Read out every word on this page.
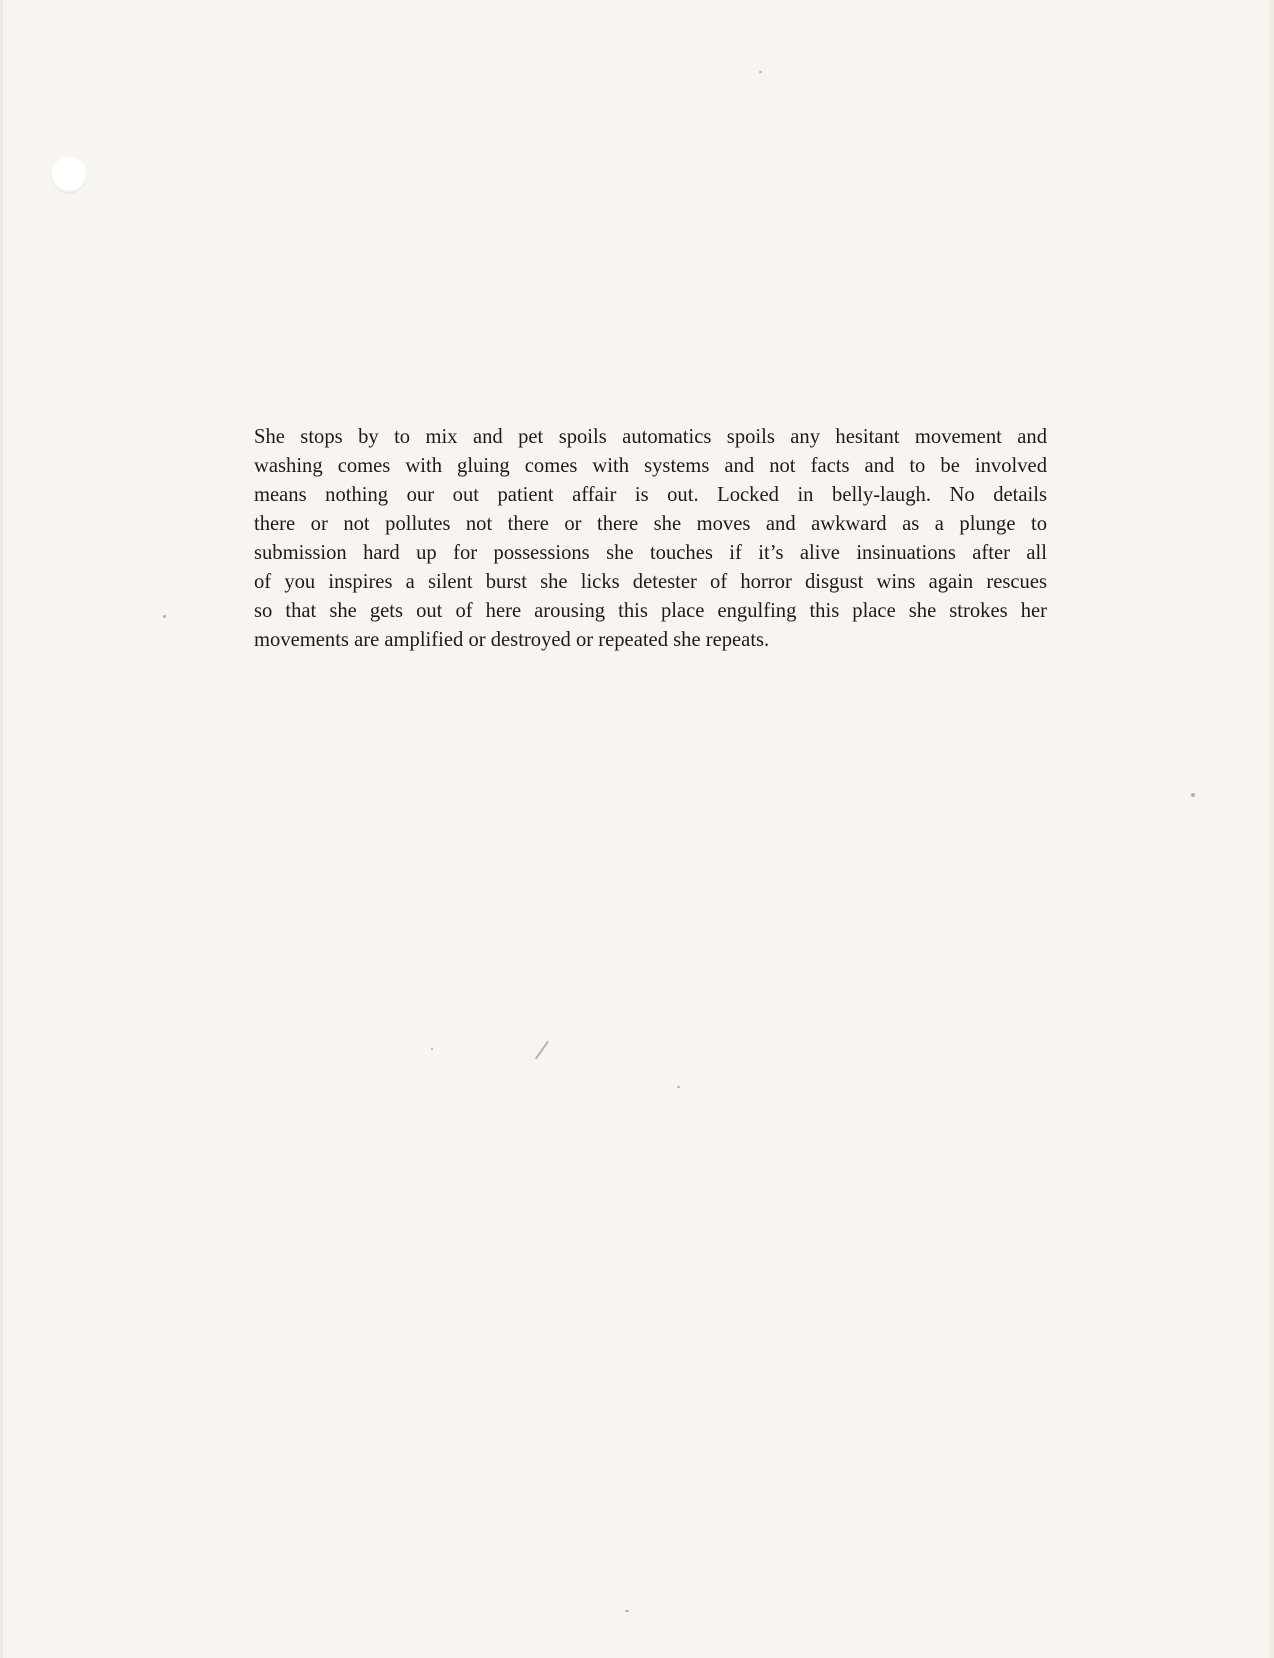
She stops by to mix and pet spoils automatics spoils any hesitant movement and
washing comes with gluing comes with systems and not facts and to be involved
means nothing our out patient affair is out. Locked in belly-laugh. No details
there or not pollutes not there or there she moves and awkward as a plunge to
submission hard up for possessions she touches if it’s alive insinuations after all
of you inspires a silent burst she licks detester of horror disgust wins again rescues
so that she gets out of here arousing this place engulfing this place she strokes her
movements are amplified or destroyed or repeated she repeats.
